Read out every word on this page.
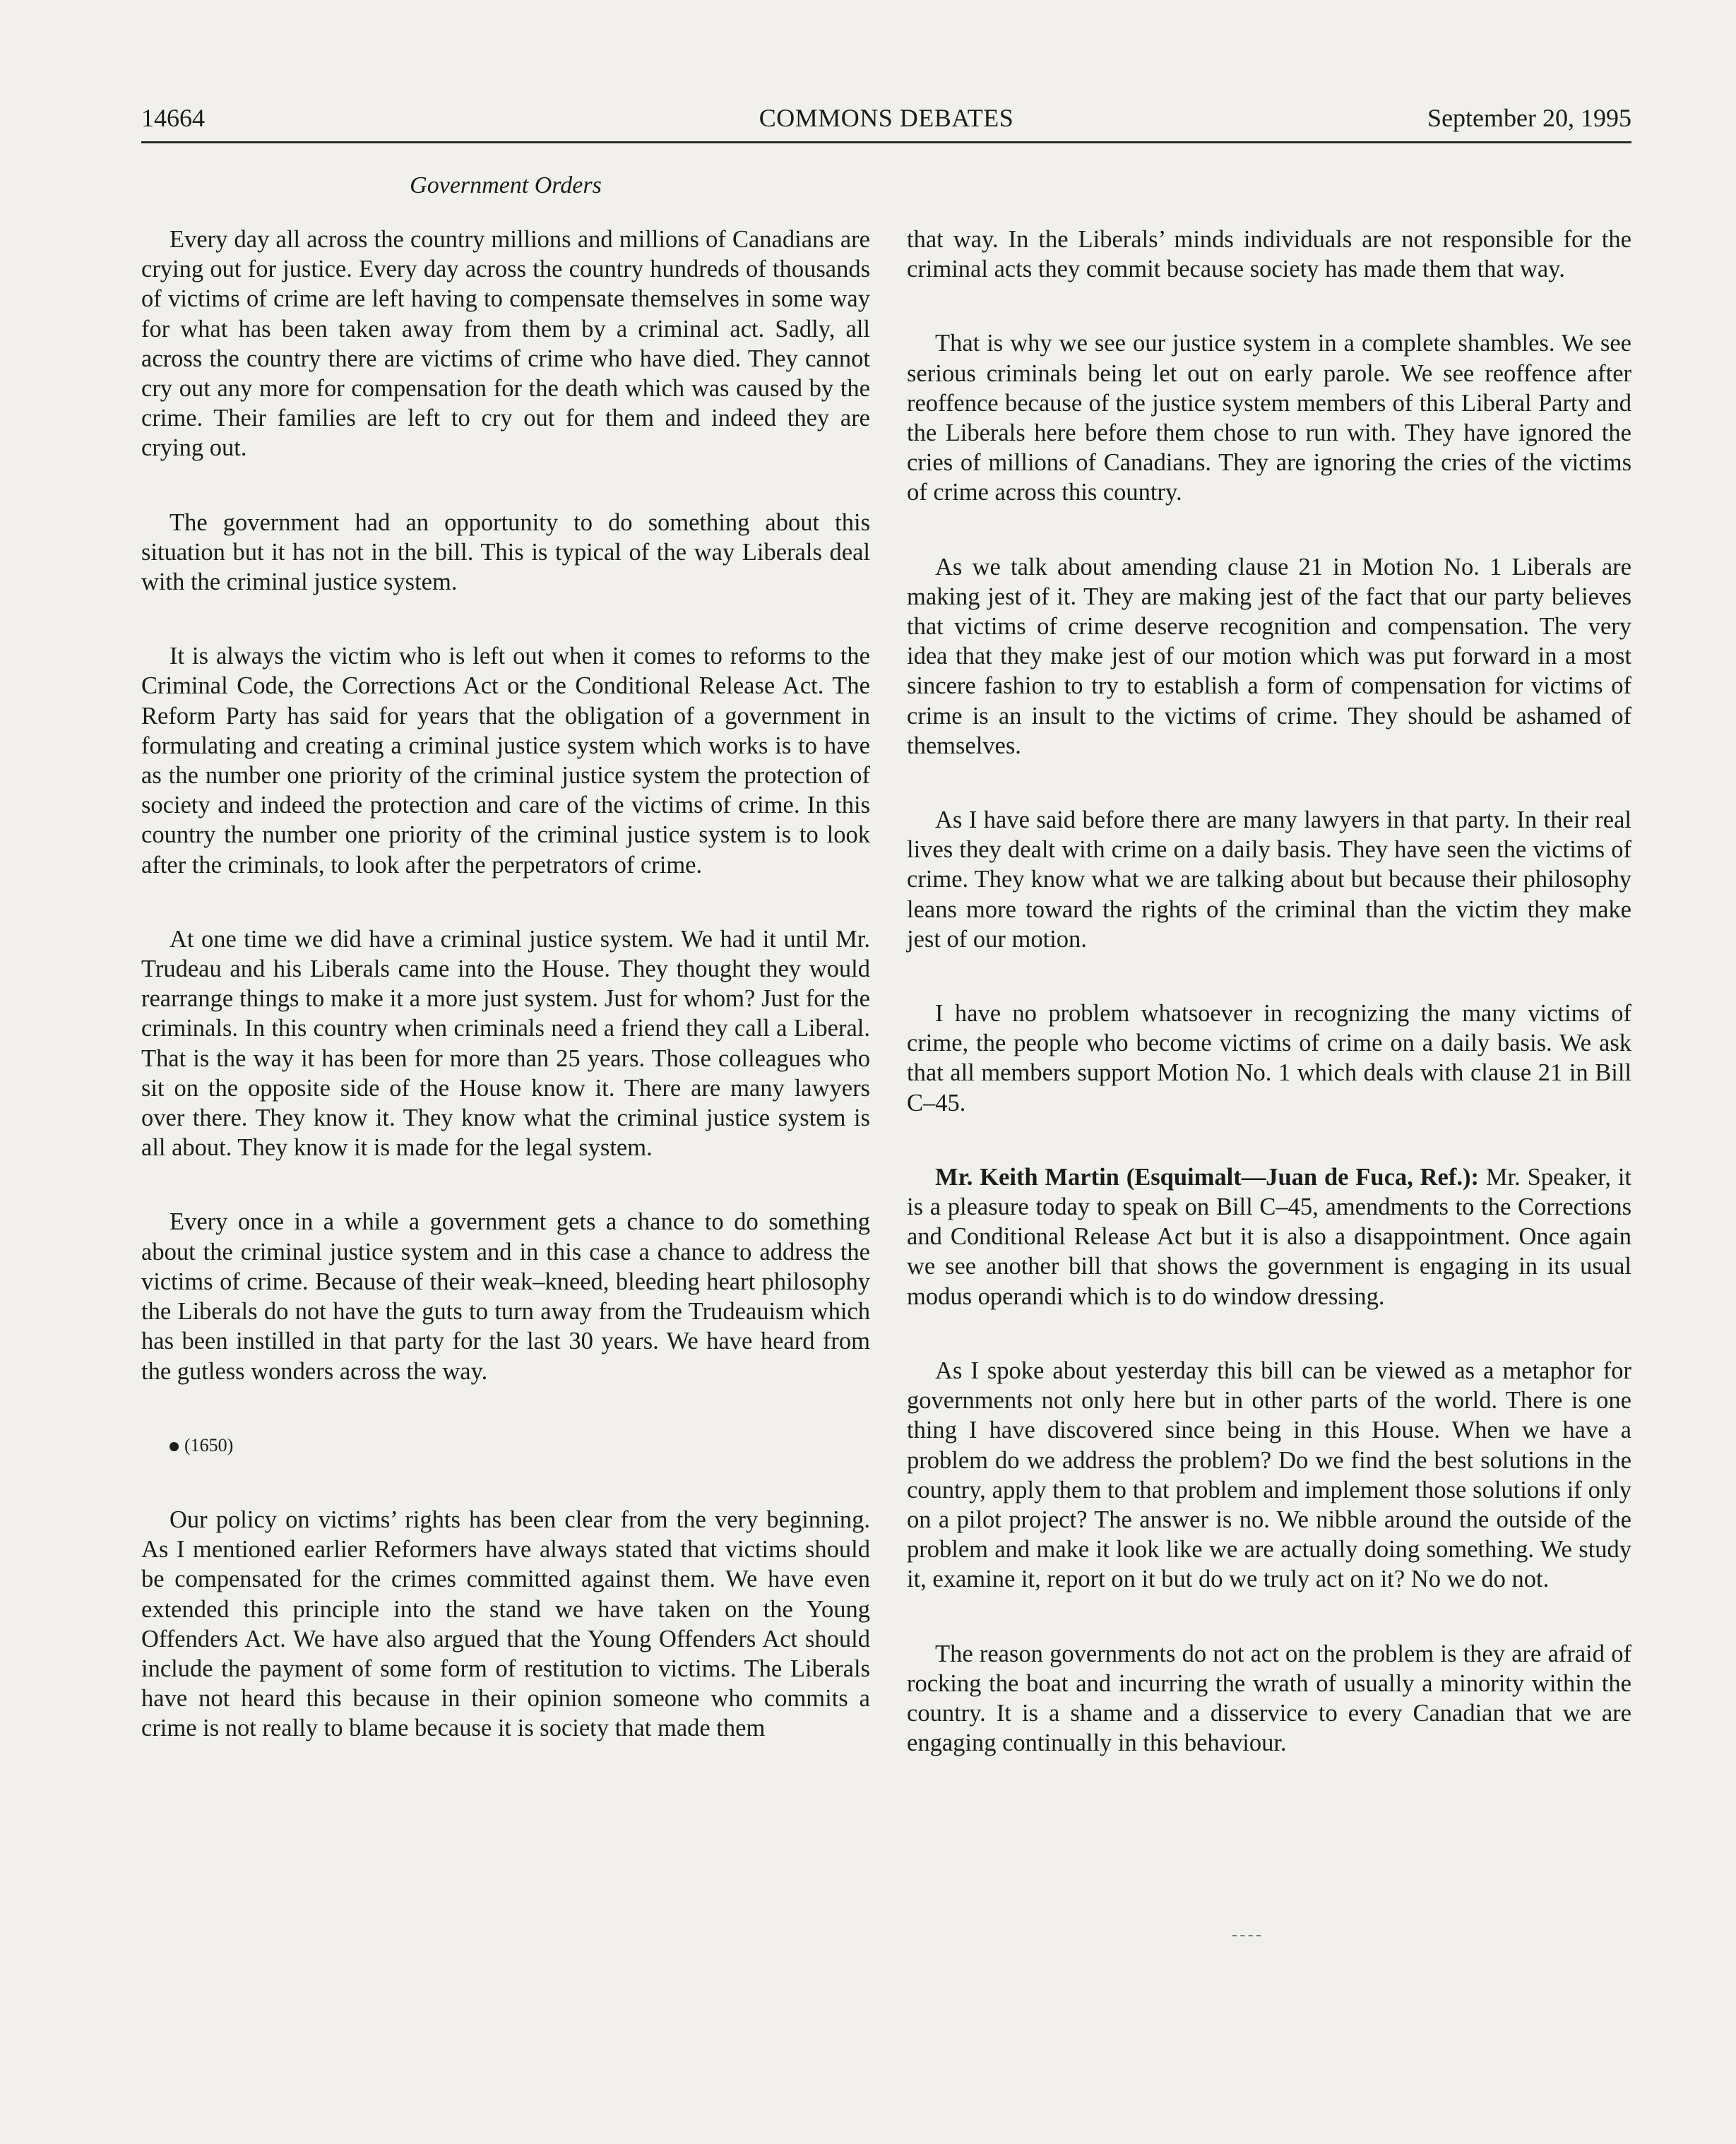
14664	COMMONS DEBATES	September 20, 1995
Government Orders

Every day all across the country millions and millions of Canadians are crying out for justice. Every day across the country hundreds of thousands of victims of crime are left having to compensate themselves in some way for what has been taken away from them by a criminal act. Sadly, all across the country there are victims of crime who have died. They cannot cry out any more for compensation for the death which was caused by the crime. Their families are left to cry out for them and indeed they are crying out.

The government had an opportunity to do something about this situation but it has not in the bill. This is typical of the way Liberals deal with the criminal justice system.

It is always the victim who is left out when it comes to reforms to the Criminal Code, the Corrections Act or the Conditional Release Act. The Reform Party has said for years that the obligation of a government in formulating and creating a criminal justice system which works is to have as the number one priority of the criminal justice system the protection of society and indeed the protection and care of the victims of crime. In this country the number one priority of the criminal justice system is to look after the criminals, to look after the perpetrators of crime.

At one time we did have a criminal justice system. We had it until Mr. Trudeau and his Liberals came into the House. They thought they would rearrange things to make it a more just system. Just for whom? Just for the criminals. In this country when criminals need a friend they call a Liberal. That is the way it has been for more than 25 years. Those colleagues who sit on the opposite side of the House know it. There are many lawyers over there. They know it. They know what the criminal justice system is all about. They know it is made for the legal system.

Every once in a while a government gets a chance to do something about the criminal justice system and in this case a chance to address the victims of crime. Because of their weak–kneed, bleeding heart philosophy the Liberals do not have the guts to turn away from the Trudeauism which has been instilled in that party for the last 30 years. We have heard from the gutless wonders across the way.

(1650)

Our policy on victims’ rights has been clear from the very beginning. As I mentioned earlier Reformers have always stated that victims should be compensated for the crimes committed against them. We have even extended this principle into the stand we have taken on the Young Offenders Act. We have also argued that the Young Offenders Act should include the payment of some form of restitution to victims. The Liberals have not heard this because in their opinion someone who commits a crime is not really to blame because it is society that made them

that way. In the Liberals’ minds individuals are not responsible for the criminal acts they commit because society has made them that way.

That is why we see our justice system in a complete shambles. We see serious criminals being let out on early parole. We see reoffence after reoffence because of the justice system members of this Liberal Party and the Liberals here before them chose to run with. They have ignored the cries of millions of Canadians. They are ignoring the cries of the victims of crime across this country.

As we talk about amending clause 21 in Motion No. 1 Liberals are making jest of it. They are making jest of the fact that our party believes that victims of crime deserve recognition and compensation. The very idea that they make jest of our motion which was put forward in a most sincere fashion to try to establish a form of compensation for victims of crime is an insult to the victims of crime. They should be ashamed of themselves.

As I have said before there are many lawyers in that party. In their real lives they dealt with crime on a daily basis. They have seen the victims of crime. They know what we are talking about but because their philosophy leans more toward the rights of the criminal than the victim they make jest of our motion.

I have no problem whatsoever in recognizing the many victims of crime, the people who become victims of crime on a daily basis. We ask that all members support Motion No. 1 which deals with clause 21 in Bill C–45.

Mr. Keith Martin (Esquimalt—Juan de Fuca, Ref.): Mr. Speaker, it is a pleasure today to speak on Bill C–45, amendments to the Corrections and Conditional Release Act but it is also a disappointment. Once again we see another bill that shows the government is engaging in its usual modus operandi which is to do window dressing.

As I spoke about yesterday this bill can be viewed as a metaphor for governments not only here but in other parts of the world. There is one thing I have discovered since being in this House. When we have a problem do we address the problem? Do we find the best solutions in the country, apply them to that problem and implement those solutions if only on a pilot project? The answer is no. We nibble around the outside of the problem and make it look like we are actually doing something. We study it, examine it, report on it but do we truly act on it? No we do not.

The reason governments do not act on the problem is they are afraid of rocking the boat and incurring the wrath of usually a minority within the country. It is a shame and a disservice to every Canadian that we are engaging continually in this behaviour.
